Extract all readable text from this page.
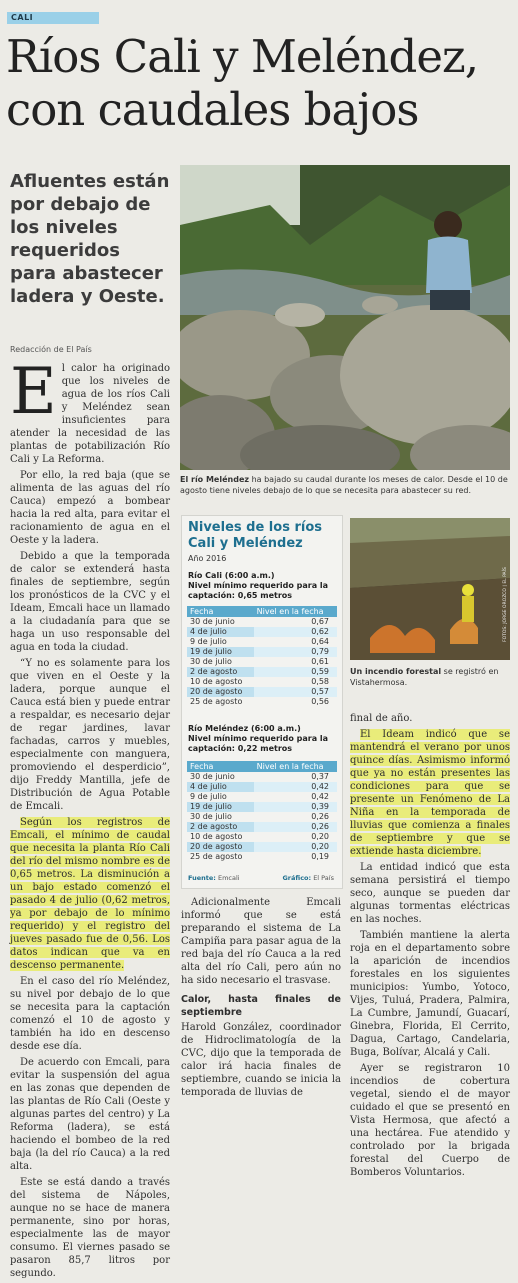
CALI
Ríos Cali y Meléndez, con caudales bajos
Afluentes están por debajo de los niveles requeridos para abastecer ladera y Oeste.
Redacción de El País
El río Meléndez ha bajado su caudal durante los meses de calor. Desde el 10 de agosto tiene niveles debajo de lo que se necesita para abastecer su red.

El calor ha originado que los niveles de agua de los ríos Cali y Meléndez sean insuficientes para atender la necesidad de las plantas de potabilización Río Cali y La Reforma.

Por ello, la red baja (que se alimenta de las aguas del río Cauca) empezó a bombear hacia la red alta, para evitar el racionamiento de agua en el Oeste y la ladera.

Debido a que la temporada de calor se extenderá hasta finales de septiembre, según los pronósticos de la CVC y el Ideam, Emcali hace un llamado a la ciudadanía para que se haga un uso responsable del agua en toda la ciudad.

“Y no es solamente para los que viven en el Oeste y la ladera, porque aunque el Cauca está bien y puede entrar a respaldar, es necesario dejar de regar jardines, lavar fachadas, carros y muebles, especialmente con manguera, promoviendo el desperdicio”, dijo Freddy Mantilla, jefe de Distribución de Agua Potable de Emcali.

Según los registros de Emcali, el mínimo de caudal que necesita la planta Río Cali del río del mismo nombre es de 0,65 metros. La disminución a un bajo estado comenzó el pasado 4 de julio (0,62 metros, ya por debajo de lo mínimo requerido) y el registro del jueves pasado fue de 0,56. Los datos indican que va en descenso permanente.

En el caso del río Meléndez, su nivel por debajo de lo que se necesita para la captación comenzó el 10 de agosto y también ha ido en descenso desde ese día.

De acuerdo con Emcali, para evitar la suspensión del agua en las zonas que dependen de las plantas de Río Cali (Oeste y algunas partes del centro) y La Reforma (ladera), se está haciendo el bombeo de la red baja (la del río Cauca) a la red alta.

Este se está dando a través del sistema de Nápoles, aunque no se hace de manera permanente, sino por horas, especialmente las de mayor consumo. El viernes pasado se pasaron 85,7 litros por segundo.

Niveles de los ríos Cali y Meléndez
Año 2016
Río Cali (6:00 a.m.)
Nivel mínimo requerido para la captación: 0,65 metros
Fecha	Nivel en la fecha
30 de junio	0,67
4 de julio	0,62
9 de julio	0,64
19 de julio	0,79
30 de julio	0,61
2 de agosto	0,59
10 de agosto	0,58
20 de agosto	0,57
25 de agosto	0,56
Río Meléndez (6:00 a.m.)
Nivel mínimo requerido para la captación: 0,22 metros
Fecha	Nivel en la fecha
30 de junio	0,37
4 de julio	0,42
9 de julio	0,42
19 de julio	0,39
30 de julio	0,26
2 de agosto	0,26
10 de agosto	0,20
20 de agosto	0,20
25 de agosto	0,19
Fuente: Emcali	Gráfico: El País
FOTOS: JORGE OROZCO | EL PAÍS
Un incendio forestal se registró en Vistahermosa.

Adicionalmente Emcali informó que se está preparando el sistema de La Campiña para pasar agua de la red baja del río Cauca a la red alta del río Cali, pero aún no ha sido necesario el trasvase.

Calor, hasta finales de septiembre

Harold González, coordinador de Hidroclimatología de la CVC, dijo que la temporada de calor irá hacia finales de septiembre, cuando se inicia la temporada de lluvias de

final de año.

El Ideam indicó que se mantendrá el verano por unos quince días. Asimismo informó que ya no están presentes las condiciones para que se presente un Fenómeno de La Niña en la temporada de lluvias que comienza a finales de septiembre y que se extiende hasta diciembre.

La entidad indicó que esta semana persistirá el tiempo seco, aunque se pueden dar algunas tormentas eléctricas en las noches.

También mantiene la alerta roja en el departamento sobre la aparición de incendios forestales en los siguientes municipios: Yumbo, Yotoco, Vijes, Tuluá, Pradera, Palmira, La Cumbre, Jamundí, Guacarí, Ginebra, Florida, El Cerrito, Dagua, Cartago, Candelaria, Buga, Bolívar, Alcalá y Cali.

Ayer se registraron 10 incendios de cobertura vegetal, siendo el de mayor cuidado el que se presentó en Vista Hermosa, que afectó a una hectárea. Fue atendido y controlado por la brigada forestal del Cuerpo de Bomberos Voluntarios.
